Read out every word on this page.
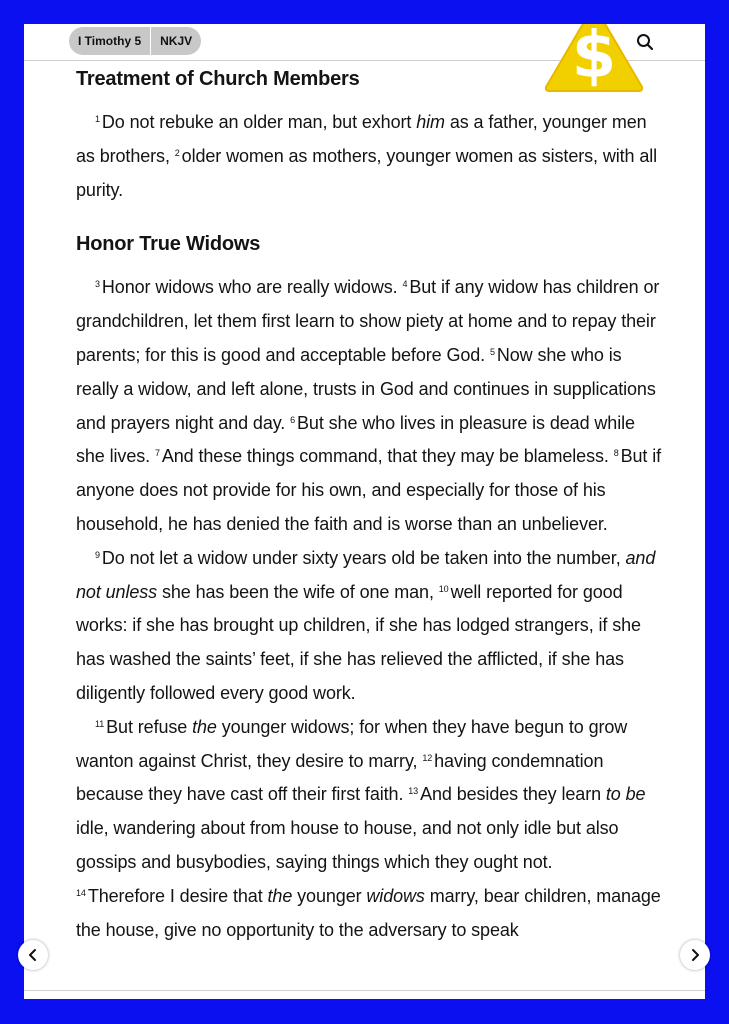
I Timothy 5	NKJV
Treatment of Church Members

$^1$ Do not rebuke an older man, but exhort him as a father, younger men as brothers, $^2$ older women as mothers, younger women as sisters, with all purity.

Honor True Widows

$^3$ Honor widows who are really widows. $^4$ But if any widow has children or grandchildren, let them first learn to show piety at home and to repay their parents; for this is good and acceptable before God. $^5$ Now she who is really a widow, and left alone, trusts in God and continues in supplications and prayers night and day. $^6$ But she who lives in pleasure is dead while she lives. $^7$ And these things command, that they may be blameless. $^8$ But if anyone does not provide for his own, and especially for those of his household, he has denied the faith and is worse than an unbeliever.

$^9$ Do not let a widow under sixty years old be taken into the number, and not unless she has been the wife of one man, $^{10}$ well reported for good works: if she has brought up children, if she has lodged strangers, if she has washed the saints’ feet, if she has relieved the afflicted, if she has diligently followed every good work.

$^{11}$ But refuse the younger widows; for when they have begun to grow wanton against Christ, they desire to marry, $^{12}$ having condemnation because they have cast off their first faith. $^{13}$ And besides they learn to be idle, wandering about from house to house, and not only idle but also gossips and busybodies, saying things which they ought not.

$^{14}$ Therefore I desire that the younger widows marry, bear children, manage the house, give no opportunity to the adversary to speak

$
